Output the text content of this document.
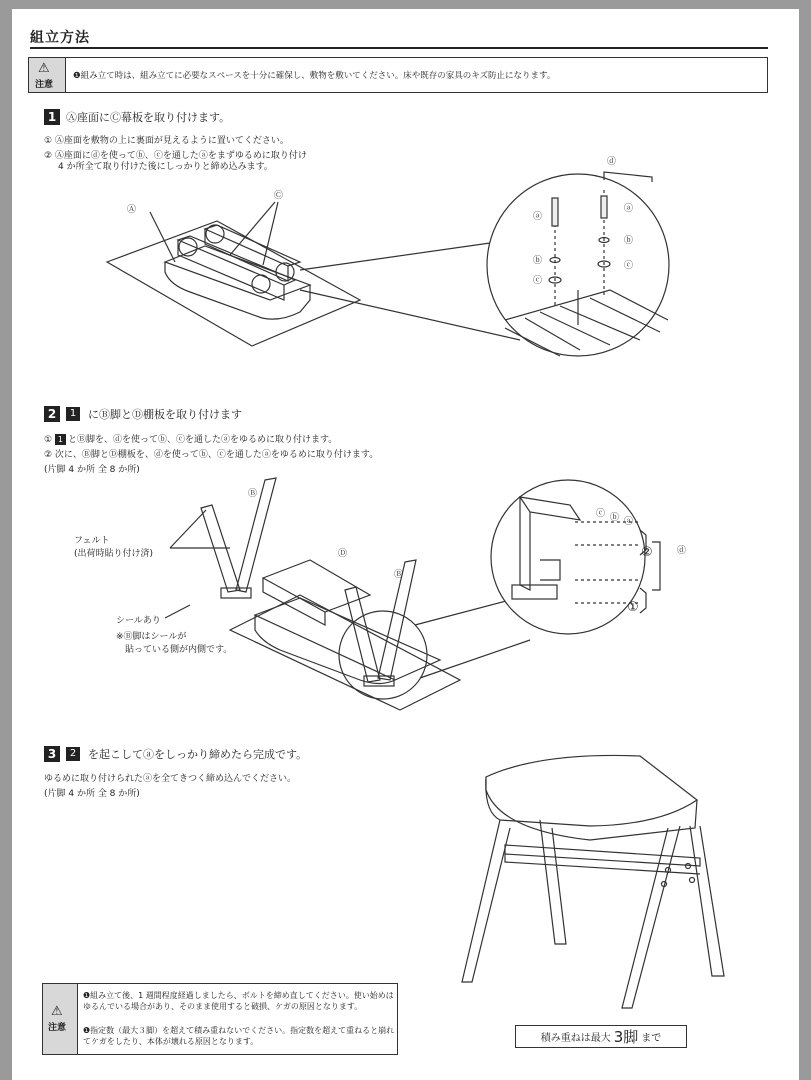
組立方法
⚠
注意
❶組み立て時は、組み立てに必要なスペースを十分に確保し、敷物を敷いてください。床や既存の家具のキズ防止になります。
1 Ⓐ座面にⒸ幕板を取り付けます。
① Ⓐ座面を敷物の上に裏面が見えるように置いてください。
② Ⓐ座面にⓓを使ってⓑ、ⓒを通したⓐをまずゆるめに取り付け
4 か所全て取り付けた後にしっかりと締め込みます。
2	1	にⒷ脚とⒹ棚板を取り付けます
① 1 とⒷ脚を、ⓓを使ってⓑ、ⓒを通したⓐをゆるめに取り付けます。
② 次に、Ⓑ脚とⒹ棚板を、ⓓを使ってⓑ、ⓒを通したⓐをゆるめに取り付けます。
(片脚 4 か所 全 8 か所)
3	2	を起こしてⓐをしっかり締めたら完成です。
ゆるめに取り付けられたⓐを全てきつく締め込んでください。
(片脚 4 か所 全 8 か所)
Ⓐ
Ⓒ
ⓓ
ⓐ
ⓐ
ⓑ
ⓑ
ⓒ
ⓒ
Ⓑ
Ⓓ
Ⓑ
フェルト
(出荷時貼り付け済)
シールあり
※Ⓑ脚はシールが
貼っている側が内側です。
ⓒ ⓑ ⓐ
ⓓ
②
①
⚠
注意
❶組み立て後、1 週間程度経過しましたら、ボルトを締め直してください。使い始めはゆるんでいる場合があり、そのまま使用すると破損、ケガの原因となります。
❶指定数（最大３脚）を超えて積み重ねないでください。指定数を超えて重ねると崩れてケガをしたり、本体が壊れる原因となります。	積み重ねは最大 3脚 まで
